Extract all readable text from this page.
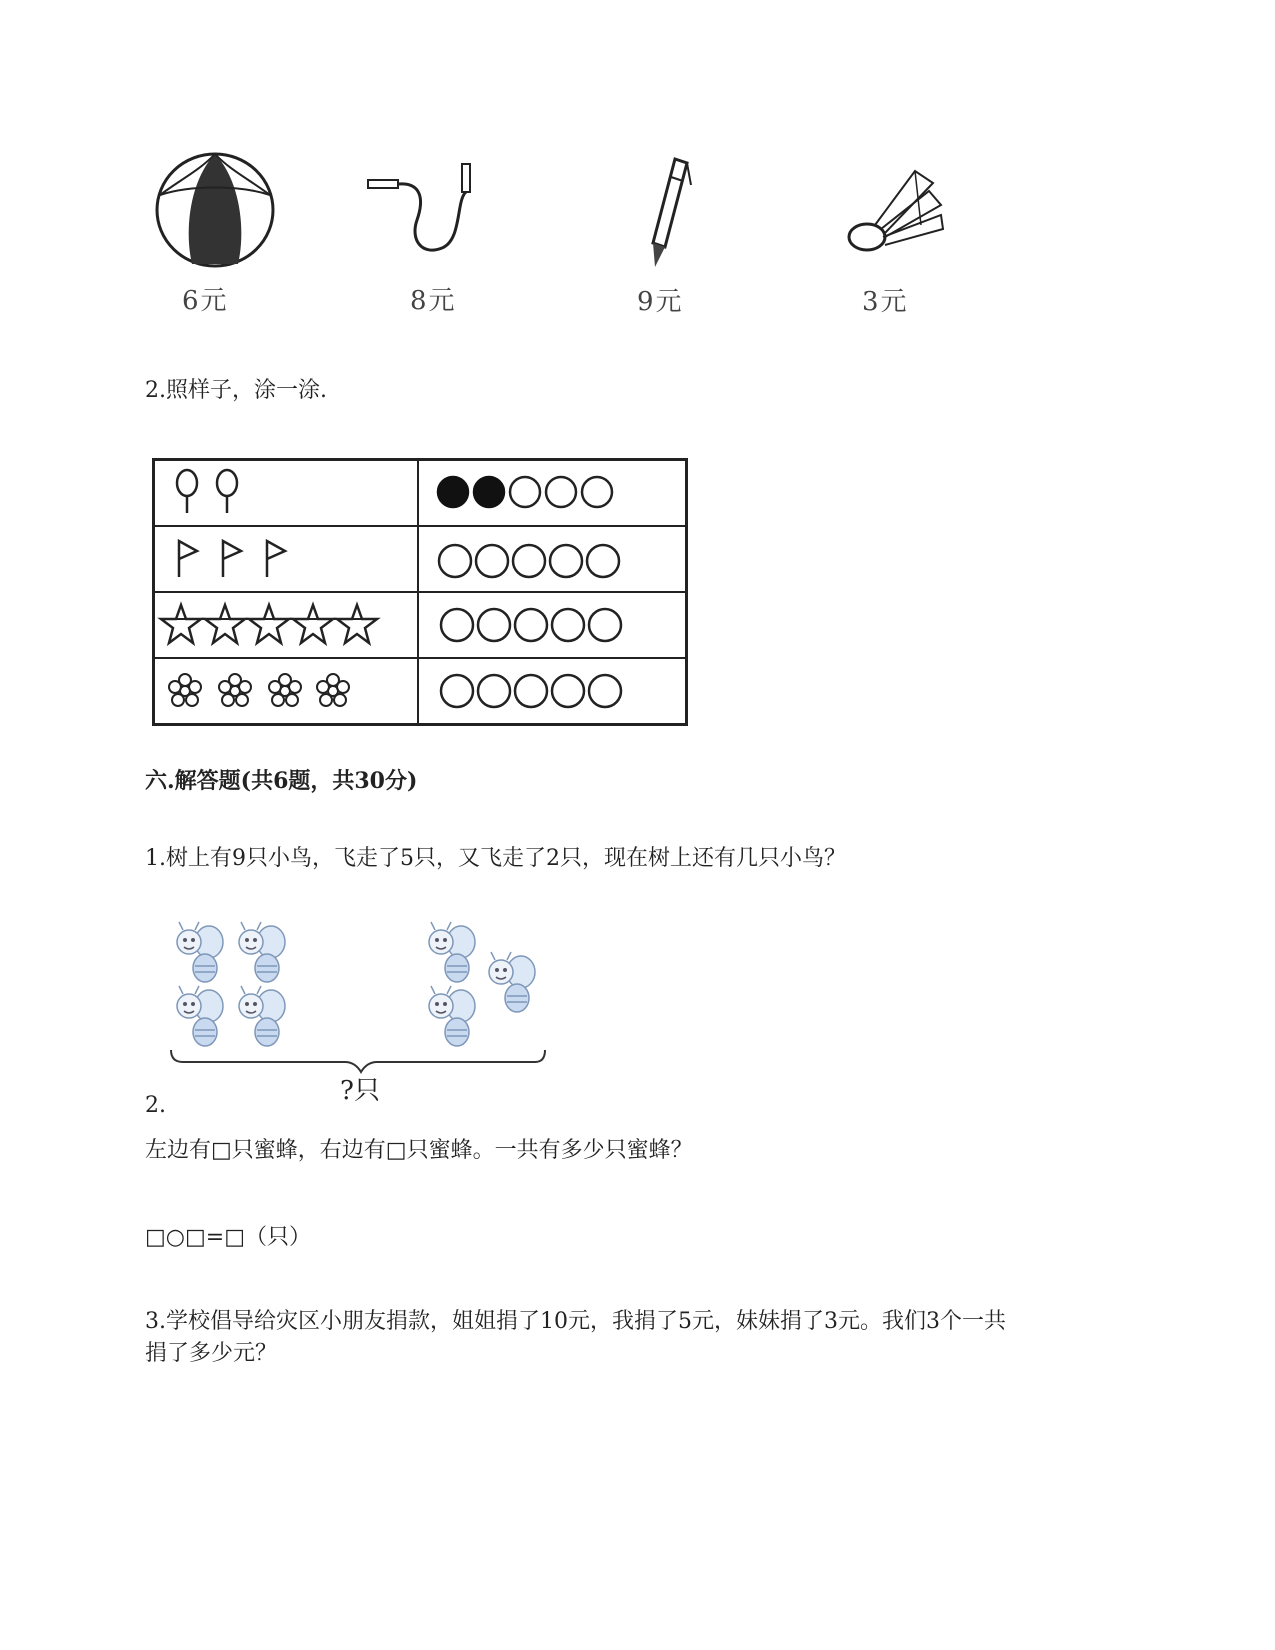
6元	8元	9元	3元
2.照样子，涂一涂.

六.解答题(共6题，共30分)
1.树上有9只小鸟，飞走了5只，又飞走了2只，现在树上还有几只小鸟？
?只
2.
左边有□只蜜蜂，右边有□只蜜蜂。一共有多少只蜜蜂？
□○□=□（只）
3.学校倡导给灾区小朋友捐款，姐姐捐了10元，我捐了5元，妹妹捐了3元。我们3个一共
捐了多少元？
